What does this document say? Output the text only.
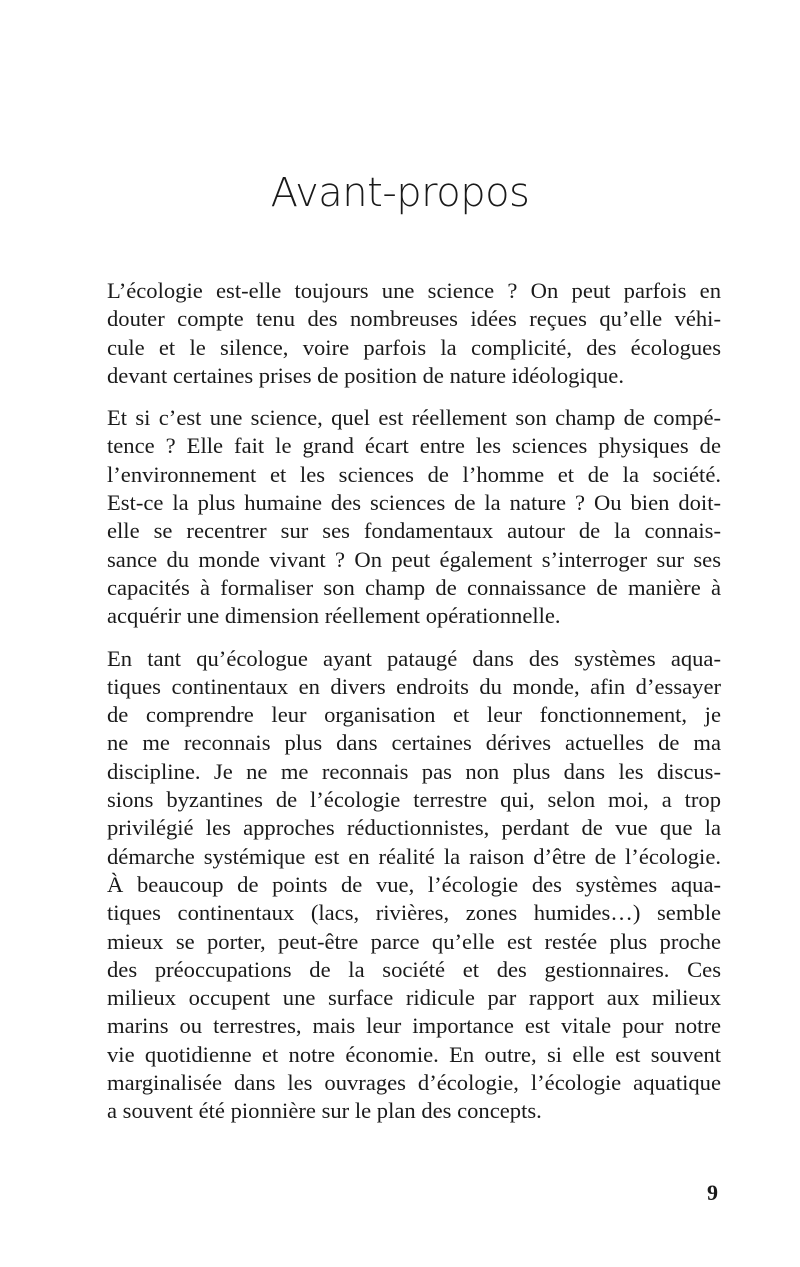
Avant-propos

L’écologie est-elle toujours une science ? On peut parfois en
douter compte tenu des nombreuses idées reçues qu’elle véhi-
cule et le silence, voire parfois la complicité, des écologues
devant certaines prises de position de nature idéologique.

Et si c’est une science, quel est réellement son champ de compé-
tence ? Elle fait le grand écart entre les sciences physiques de
l’environnement et les sciences de l’homme et de la société.
Est-ce la plus humaine des sciences de la nature ? Ou bien doit-
elle se recentrer sur ses fondamentaux autour de la connais-
sance du monde vivant ? On peut également s’interroger sur ses
capacités à formaliser son champ de connaissance de manière à
acquérir une dimension réellement opérationnelle.

En tant qu’écologue ayant pataugé dans des systèmes aqua-
tiques continentaux en divers endroits du monde, afin d’essayer
de comprendre leur organisation et leur fonctionnement, je
ne me reconnais plus dans certaines dérives actuelles de ma
discipline. Je ne me reconnais pas non plus dans les discus-
sions byzantines de l’écologie terrestre qui, selon moi, a trop
privilégié les approches réductionnistes, perdant de vue que la
démarche systémique est en réalité la raison d’être de l’écologie.
À beaucoup de points de vue, l’écologie des systèmes aqua-
tiques continentaux (lacs, rivières, zones humides…) semble
mieux se porter, peut-être parce qu’elle est restée plus proche
des préoccupations de la société et des gestionnaires. Ces
milieux occupent une surface ridicule par rapport aux milieux
marins ou terrestres, mais leur importance est vitale pour notre
vie quotidienne et notre économie. En outre, si elle est souvent
marginalisée dans les ouvrages d’écologie, l’écologie aquatique
a souvent été pionnière sur le plan des concepts.

9
